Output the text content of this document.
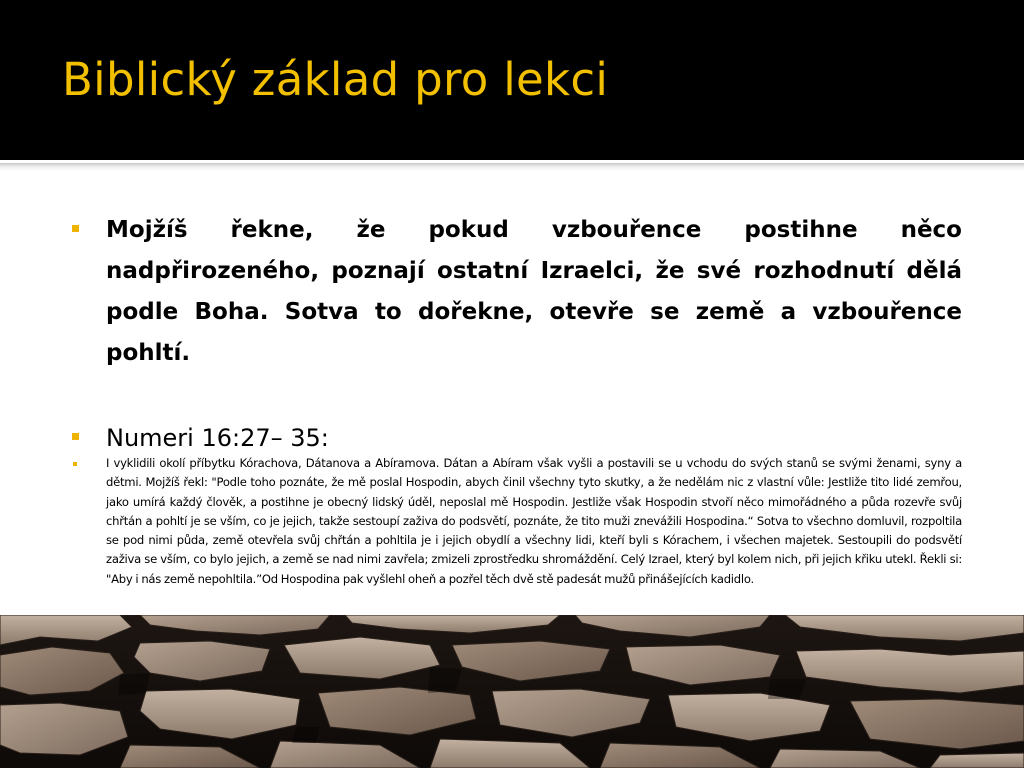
Biblický základ pro lekci

Mojžíš řekne, že pokud vzbouřence postihne něco nadpřirozeného, poznají ostatní Izraelci, že své rozhodnutí dělá podle Boha. Sotva to dořekne, otevře se země a vzbouřence pohltí.

Numeri 16:27– 35:

I vyklidili okolí příbytku Kórachova, Dátanova a Abíramova. Dátan a Abíram však vyšli a postavili se u vchodu do svých stanů se svými ženami, syny a dětmi. Mojžíš řekl: "Podle toho poznáte, že mě poslal Hospodin, abych činil všechny tyto skutky, a že nedělám nic z vlastní vůle: Jestliže tito lidé zemřou, jako umírá každý člověk, a postihne je obecný lidský úděl, neposlal mě Hospodin. Jestliže však Hospodin stvoří něco mimořádného a půda rozevře svůj chřtán a pohltí je se vším, co je jejich, takže sestoupí zaživa do podsvětí, poznáte, že tito muži znevážili Hospodina.“ Sotva to všechno domluvil, rozpoltila se pod nimi půda, země otevřela svůj chřtán a pohltila je i jejich obydlí a všechny lidi, kteří byli s Kórachem, i všechen majetek. Sestoupili do podsvětí zaživa se vším, co bylo jejich, a země se nad nimi zavřela; zmizeli zprostředku shromáždění. Celý Izrael, který byl kolem nich, při jejich křiku utekl. Řekli si: "Aby i nás země nepohltila.”Od Hospodina pak vyšlehl oheň a pozřel těch dvě stě padesát mužů přinášejících kadidlo.
